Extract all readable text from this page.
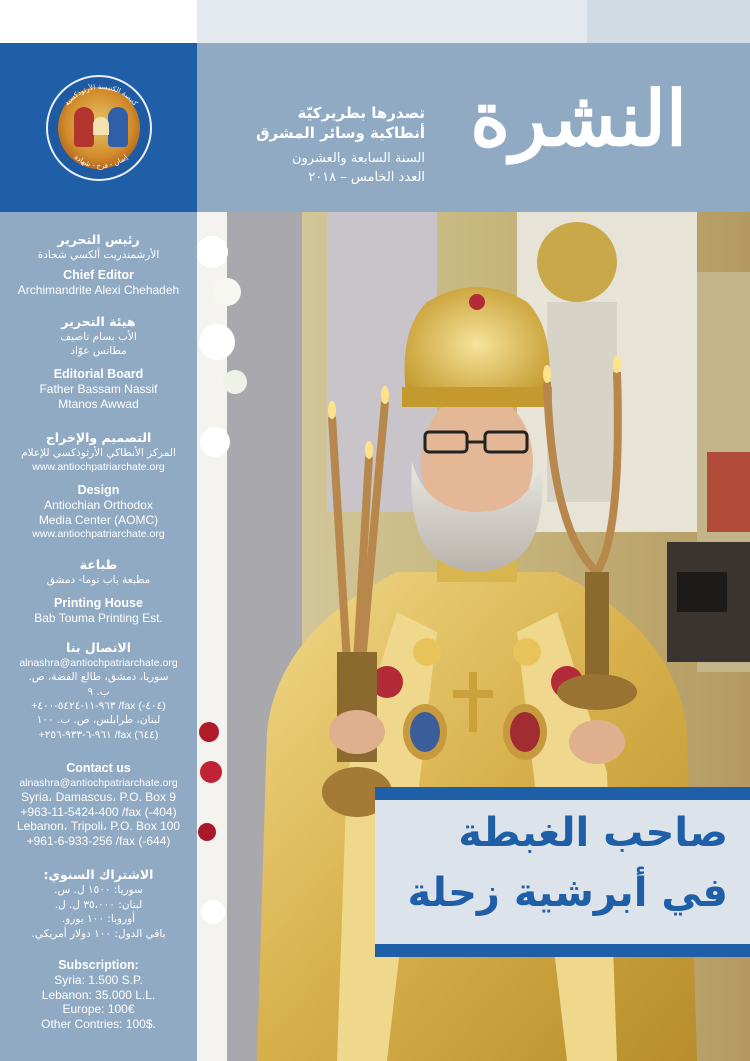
كنيسة الكنيسة الأرثوذكسية
إيمان - فرح - شهادة	النشرة
تصدرها بطريركيّة
أنطاكية وسائر المشرق
السنة السابعة والعشرون
العدد الخامس – ٢٠١٨
رئيس التحرير
الأرشمندريت ألكسي شحادة
Chief Editor
Archimandrite Alexi Chehadeh
هيئة التحرير
الأب بسام ناصيف
مطانس عوّاد
Editorial Board
Father Bassam Nassif
Mtanos Awwad
التصميم والإخراج
المركز الأنطاكي الأرثوذكسي للإعلام
www.antiochpatriarchate.org
Design
Antiochian Orthodox
Media Center (AOMC)
www.antiochpatriarchate.org
طباعة
مطبعة باب توما- دمشق
Printing House
Bab Touma Printing Est.
الاتصال بنا
alnashra@antiochpatriarchate.org
سوريا، دمشق، طالع الفضة، ص.
ب. ٩
+٩٦٣-١١-٥٤٢٤-٤٠٠ /fax (-٤٠٤)
لبنان، طرابلس، ص. ب. ١٠٠
+٩٦١-٦-٩٣٣-٢٥٦ /fax (٦٤٤)
Contact us
alnashra@antiochpatriarchate.org
Syria، Damascus، P.O. Box 9
+963-11-5424-400 /fax (-404)
Lebanon، Tripoli، P.O. Box 100
+961-6-933-256 /fax (-644)
الاشتراك السنوي:
سوريا: ١٥٠٠ ل. س.
لبنان: ٣٥،٠٠٠ ل. ل.
أوروبا: ١٠٠ يورو.
باقي الدول: ١٠٠ دولار أمريكي.
Subscription:
Syria: 1.500 S.P.
Lebanon: 35.000 L.L.
Europe: 100€
Other Contries: 100$.
صاحب الغبطة
في أبرشية زحلة
